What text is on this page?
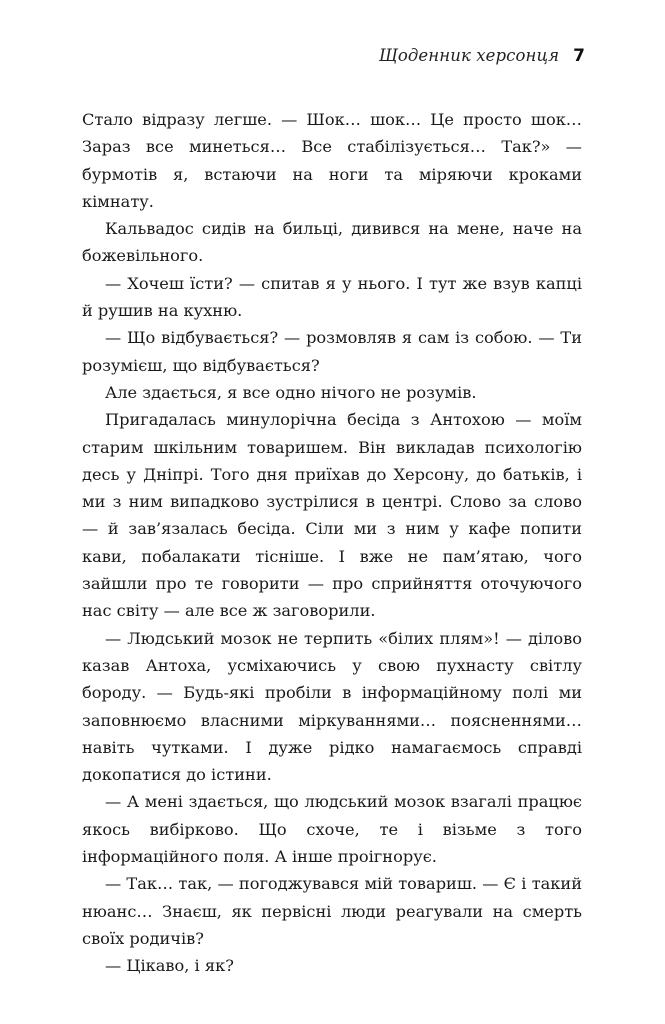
Щоденник херсонця 7

Стало відразу легше. — Шок… шок… Це просто шок… Зараз все минеться… Все стабілізується… Так?» — бурмотів я, встаючи на ноги та міряючи кроками кімнату.

Кальвадос сидів на бильці, дивився на мене, наче на божевільного.

— Хочеш їсти? — спитав я у нього. І тут же взув капці й рушив на кухню.

— Що відбувається? — розмовляв я сам із собою. — Ти розумієш, що відбувається?

Але здається, я все одно нічого не розумів.

Пригадалась минулорічна бесіда з Антохою — моїм старим шкільним товаришем. Він викладав психологію десь у Дніпрі. Того дня приїхав до Херсону, до батьків, і ми з ним випадково зустрілися в центрі. Слово за слово — й зав’язалась бесіда. Сіли ми з ним у кафе попити кави, побалакати тісніше. І вже не пам’ятаю, чого зайшли про те говорити — про сприйняття оточуючого нас світу — але все ж заговорили.

— Людський мозок не терпить «білих плям»! — ділово казав Антоха, усміхаючись у свою пухнасту світлу бороду. — Будь-які пробіли в інформаційному полі ми заповнюємо власними міркуваннями… поясненнями… навіть чутками. І дуже рідко намагаємось справді докопатися до істини.

— А мені здається, що людський мозок взагалі працює якось вибірково. Що схоче, те і візьме з того інформаційного поля. А інше проігнорує.

— Так… так, — погоджувався мій товариш. — Є і такий нюанс… Знаєш, як первісні люди реагували на смерть своїх родичів?

— Цікаво, і як?
